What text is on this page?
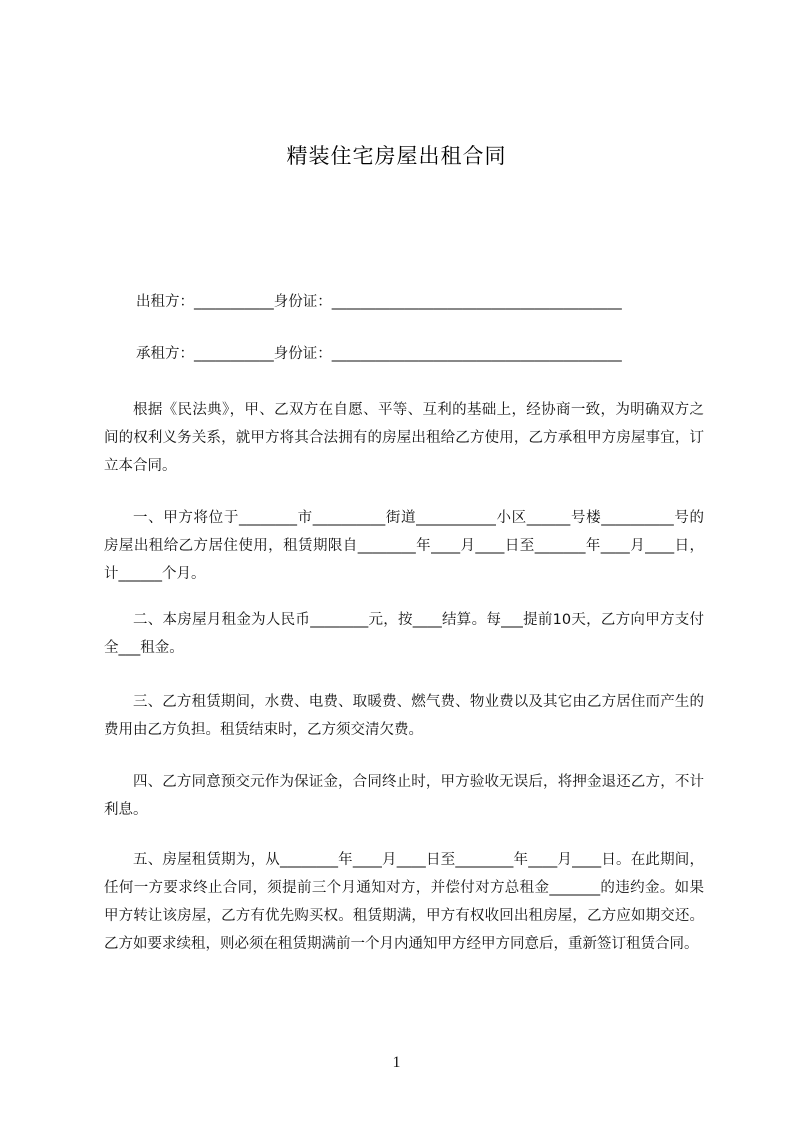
精装住宅房屋出租合同
出租方：___________身份证：________________________________________
承租方：___________身份证：________________________________________
根据《民法典》，甲、乙双方在自愿、平等、互利的基础上，经协商一致，为明确双方之间的权利义务关系，就甲方将其合法拥有的房屋出租给乙方使用，乙方承租甲方房屋事宜，订立本合同。
一、甲方将位于________市__________街道___________小区______号楼__________号的房屋出租给乙方居住使用，租赁期限自________年____月____日至_______年____月____日，计______个月。
二、本房屋月租金为人民币________元，按____结算。每___提前10天，乙方向甲方支付全___租金。
三、乙方租赁期间，水费、电费、取暖费、燃气费、物业费以及其它由乙方居住而产生的费用由乙方负担。租赁结束时，乙方须交清欠费。
四、乙方同意预交元作为保证金，合同终止时，甲方验收无误后，将押金退还乙方，不计利息。
五、房屋租赁期为，从________年____月____日至________年____月____日。在此期间，任何一方要求终止合同，须提前三个月通知对方，并偿付对方总租金_______的违约金。如果甲方转让该房屋，乙方有优先购买权。租赁期满，甲方有权收回出租房屋，乙方应如期交还。乙方如要求续租，则必须在租赁期满前一个月内通知甲方经甲方同意后，重新签订租赁合同。
1
